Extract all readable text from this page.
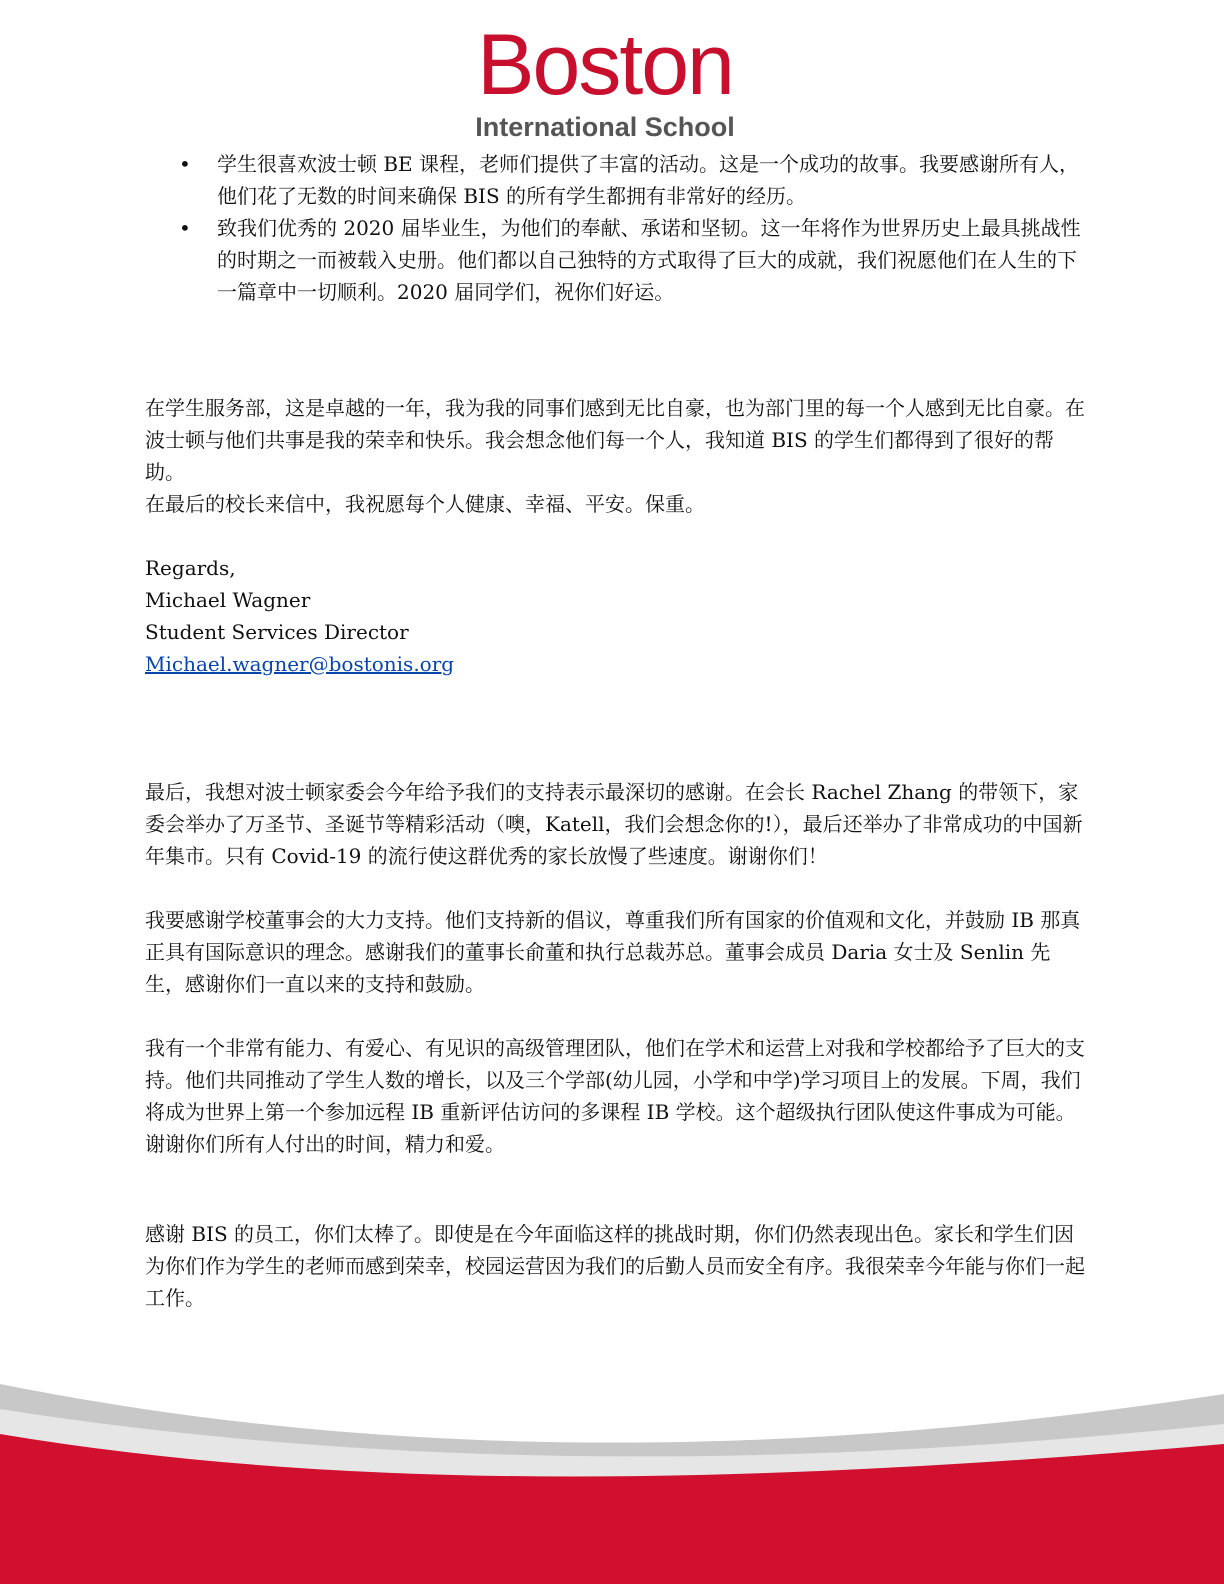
Boston
International School
• 学生很喜欢波士顿 BE 课程，老师们提供了丰富的活动。这是一个成功的故事。我要感谢所有人，他们花了无数的时间来确保 BIS 的所有学生都拥有非常好的经历。
• 致我们优秀的 2020 届毕业生，为他们的奉献、承诺和坚韧。这一年将作为世界历史上最具挑战性的时期之一而被载入史册。他们都以自己独特的方式取得了巨大的成就，我们祝愿他们在人生的下一篇章中一切顺利。2020 届同学们，祝你们好运。

在学生服务部，这是卓越的一年，我为我的同事们感到无比自豪，也为部门里的每一个人感到无比自豪。在波士顿与他们共事是我的荣幸和快乐。我会想念他们每一个人，我知道 BIS 的学生们都得到了很好的帮助。

在最后的校长来信中，我祝愿每个人健康、幸福、平安。保重。

Regards,

Michael Wagner

Student Services Director

Michael.wagner@bostonis.org

最后，我想对波士顿家委会今年给予我们的支持表示最深切的感谢。在会长 Rachel Zhang 的带领下，家委会举办了万圣节、圣诞节等精彩活动（噢，Katell，我们会想念你的!），最后还举办了非常成功的中国新年集市。只有 Covid-19 的流行使这群优秀的家长放慢了些速度。谢谢你们！

我要感谢学校董事会的大力支持。他们支持新的倡议，尊重我们所有国家的价值观和文化，并鼓励 IB 那真正具有国际意识的理念。感谢我们的董事长俞董和执行总裁苏总。董事会成员 Daria 女士及 Senlin 先生，感谢你们一直以来的支持和鼓励。

我有一个非常有能力、有爱心、有见识的高级管理团队，他们在学术和运营上对我和学校都给予了巨大的支持。他们共同推动了学生人数的增长，以及三个学部(幼儿园，小学和中学)学习项目上的发展。下周，我们将成为世界上第一个参加远程 IB 重新评估访问的多课程 IB 学校。这个超级执行团队使这件事成为可能。谢谢你们所有人付出的时间，精力和爱。

感谢 BIS 的员工，你们太棒了。即使是在今年面临这样的挑战时期，你们仍然表现出色。家长和学生们因为你们作为学生的老师而感到荣幸，校园运营因为我们的后勤人员而安全有序。我很荣幸今年能与你们一起工作。
